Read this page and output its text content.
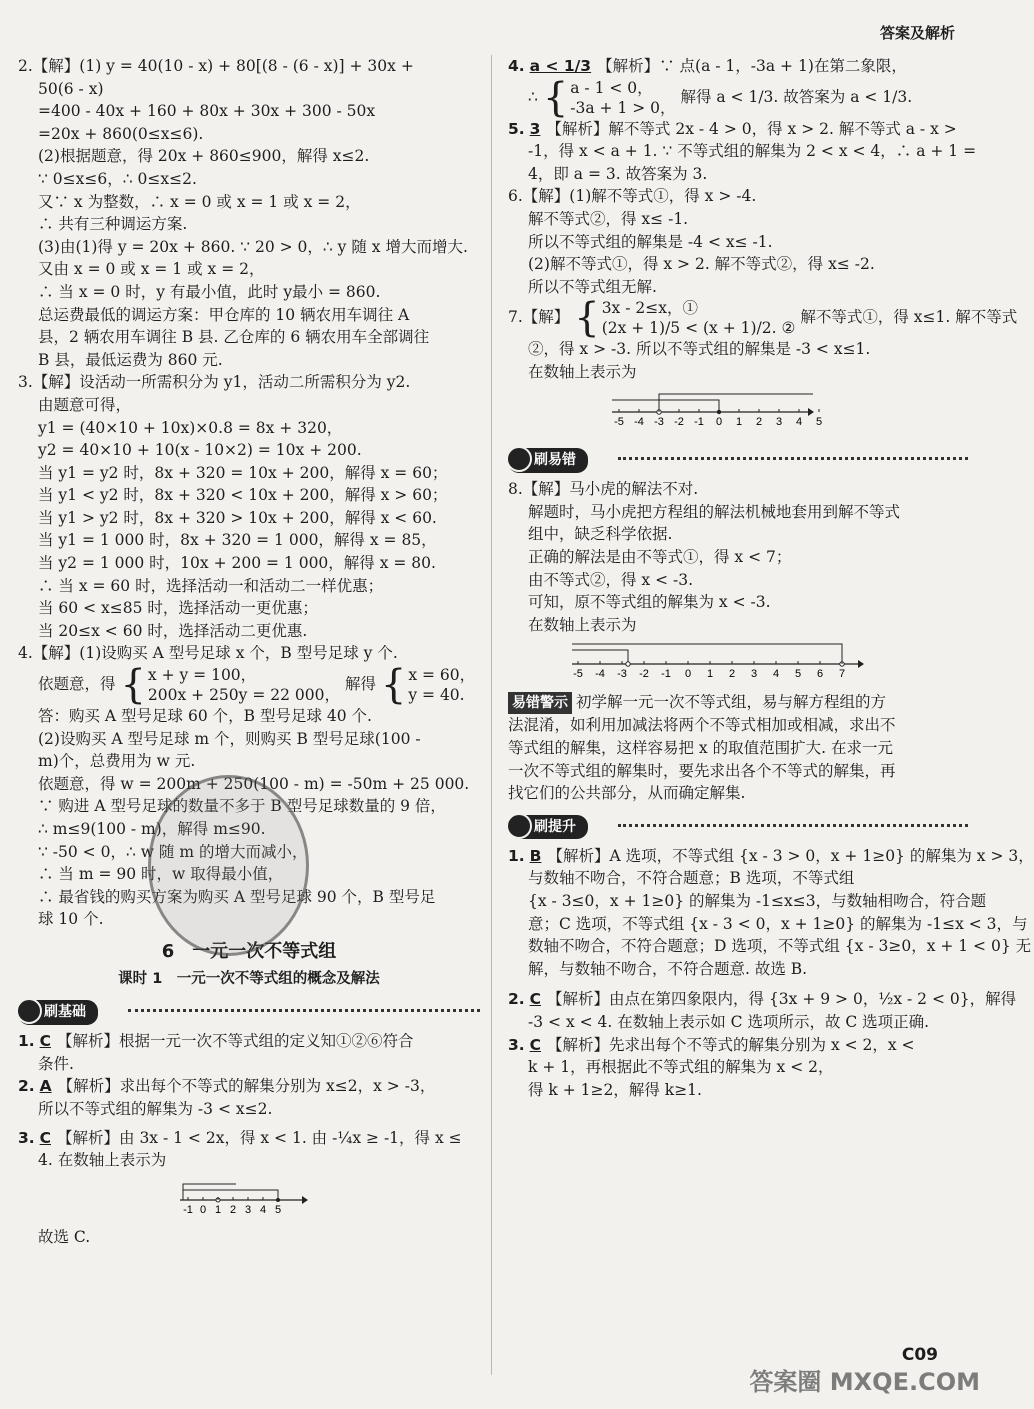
答案及解析
2.【解】(1) y = 40(10 - x) + 80[(8 - (6 - x)] + 30x +
50(6 - x)
=400 - 40x + 160 + 80x + 30x + 300 - 50x
=20x + 860(0≤x≤6).
(2)根据题意，得 20x + 860≤900，解得 x≤2.
∵ 0≤x≤6，∴ 0≤x≤2.
又∵ x 为整数，∴ x = 0 或 x = 1 或 x = 2，
∴ 共有三种调运方案.
(3)由(1)得 y = 20x + 860. ∵ 20 > 0，∴ y 随 x 增大而增大.
又由 x = 0 或 x = 1 或 x = 2，
∴ 当 x = 0 时，y 有最小值，此时 y最小 = 860.
总运费最低的调运方案：甲仓库的 10 辆农用车调往 A
县，2 辆农用车调往 B 县. 乙仓库的 6 辆农用车全部调往
B 县，最低运费为 860 元.
3.【解】设活动一所需积分为 y1，活动二所需积分为 y2.
由题意可得，
y1 = (40×10 + 10x)×0.8 = 8x + 320，
y2 = 40×10 + 10(x - 10×2) = 10x + 200.
当 y1 = y2 时，8x + 320 = 10x + 200，解得 x = 60；
当 y1 < y2 时，8x + 320 < 10x + 200，解得 x > 60；
当 y1 > y2 时，8x + 320 > 10x + 200，解得 x < 60.
当 y1 = 1 000 时，8x + 320 = 1 000，解得 x = 85，
当 y2 = 1 000 时，10x + 200 = 1 000，解得 x = 80.
∴ 当 x = 60 时，选择活动一和活动二一样优惠；
当 60 < x≤85 时，选择活动一更优惠；
当 20≤x < 60 时，选择活动二更优惠.
4.【解】(1)设购买 A 型号足球 x 个，B 型号足球 y 个.
依题意，得 { x + y = 100，
200x + 250y = 22 000，
解得 { x = 60，
y = 40.
答：购买 A 型号足球 60 个，B 型号足球 40 个.
(2)设购买 A 型号足球 m 个，则购买 B 型号足球(100 -
m)个，总费用为 w 元.
依题意，得 w = 200m + 250(100 - m) = -50m + 25 000.
∵ 购进 A 型号足球的数量不多于 B 型号足球数量的 9 倍，
∴ m≤9(100 - m)，解得 m≤90.
∵ -50 < 0，∴ w 随 m 的增大而减小，
∴ 当 m = 90 时，w 取得最小值，
∴ 最省钱的购买方案为购买 A 型号足球 90 个，B 型号足
球 10 个.
6　一元一次不等式组
课时 1　一元一次不等式组的概念及解法
刷基础
1. C 【解析】根据一元一次不等式组的定义知①②⑥符合
条件.
2. A 【解析】求出每个不等式的解集分别为 x≤2，x > -3，
所以不等式组的解集为 -3 < x≤2.
3. C 【解析】由 3x - 1 < 2x，得 x < 1. 由 -¼x ≥ -1，得 x ≤
4. 在数轴上表示为
-1 0 1 2 3 4 5
故选 C.
4. a < 1/3 【解析】∵ 点(a - 1，-3a + 1)在第二象限，
∴ { a - 1 < 0，
-3a + 1 > 0，
解得 a < 1/3. 故答案为 a < 1/3.
5. 3 【解析】解不等式 2x - 4 > 0，得 x > 2. 解不等式 a - x >
-1，得 x < a + 1. ∵ 不等式组的解集为 2 < x < 4，∴ a + 1 =
4，即 a = 3. 故答案为 3.
6.【解】(1)解不等式①，得 x > -4.
解不等式②，得 x≤ -1.
所以不等式组的解集是 -4 < x≤ -1.
(2)解不等式①，得 x > 2. 解不等式②，得 x≤ -2.
所以不等式组无解.
7.【解】 { 3x - 2≤x，①
(2x + 1)/5 < (x + 1)/2. ②
解不等式①，得 x≤1. 解不等式
②，得 x > -3. 所以不等式组的解集是 -3 < x≤1.
在数轴上表示为
-5 -4 -3 -2 -1 0 1 2 3 4 5
刷易错
8.【解】马小虎的解法不对.
解题时，马小虎把方程组的解法机械地套用到解不等式
组中，缺乏科学依据.
正确的解法是由不等式①，得 x < 7；
由不等式②，得 x < -3.
可知，原不等式组的解集为 x < -3.
在数轴上表示为
-5 -4 -3 -2 -1 0 1 2 3 4 5 6 7
易错警示 初学解一元一次不等式组，易与解方程组的方
法混淆，如利用加减法将两个不等式相加或相减，求出不
等式组的解集，这样容易把 x 的取值范围扩大. 在求一元
一次不等式组的解集时，要先求出各个不等式的解集，再
找它们的公共部分，从而确定解集.
刷提升
1. B 【解析】A 选项，不等式组 {x - 3 > 0，x + 1≥0} 的解集为 x > 3，
与数轴不吻合，不符合题意；B 选项，不等式组
{x - 3≤0，x + 1≥0} 的解集为 -1≤x≤3，与数轴相吻合，符合题
意；C 选项，不等式组 {x - 3 < 0，x + 1≥0} 的解集为 -1≤x < 3，与
数轴不吻合，不符合题意；D 选项，不等式组 {x - 3≥0，x + 1 < 0} 无
解，与数轴不吻合，不符合题意. 故选 B.
2. C 【解析】由点在第四象限内，得 {3x + 9 > 0，½x - 2 < 0}，解得
-3 < x < 4. 在数轴上表示如 C 选项所示，故 C 选项正确.
3. C 【解析】先求出每个不等式的解集分别为 x < 2，x <
k + 1，再根据此不等式组的解集为 x < 2，
得 k + 1≥2，解得 k≥1.
C09
答案圈 MXQE.COM
